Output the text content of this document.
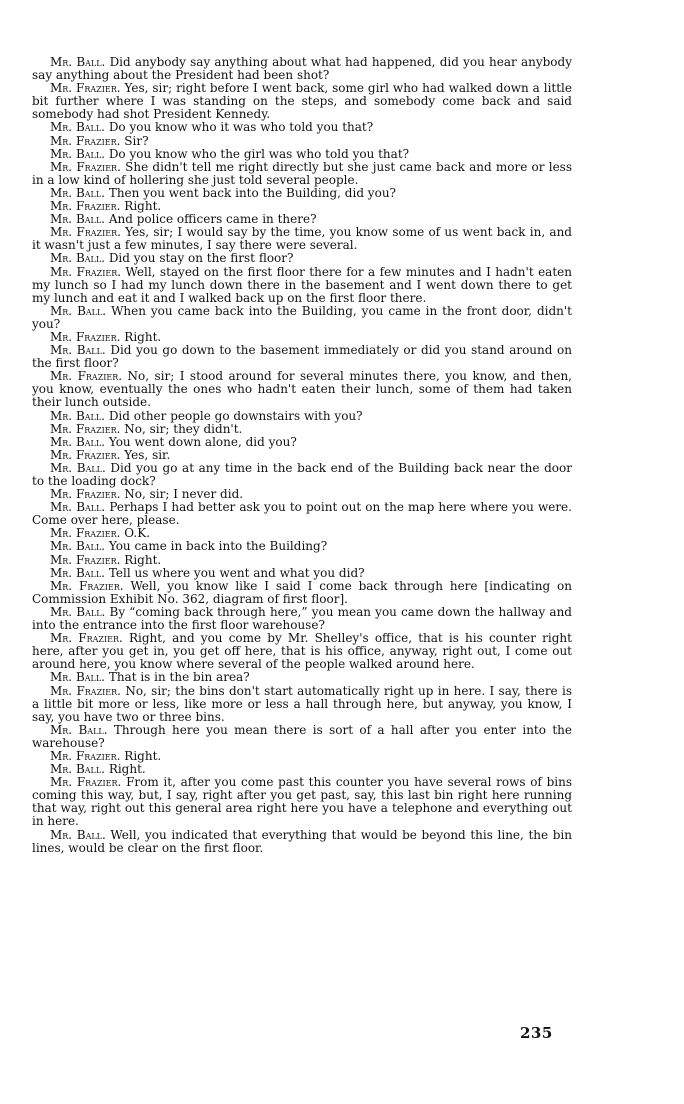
Mr. Ball. Did anybody say anything about what had happened, did you hear anybody say anything about the President had been shot?

Mr. Frazier. Yes, sir; right before I went back, some girl who had walked down a little bit further where I was standing on the steps, and somebody come back and said somebody had shot President Kennedy.

Mr. Ball. Do you know who it was who told you that?

Mr. Frazier. Sir?

Mr. Ball. Do you know who the girl was who told you that?

Mr. Frazier. She didn't tell me right directly but she just came back and more or less in a low kind of hollering she just told several people.

Mr. Ball. Then you went back into the Building, did you?

Mr. Frazier. Right.

Mr. Ball. And police officers came in there?

Mr. Frazier. Yes, sir; I would say by the time, you know some of us went back in, and it wasn't just a few minutes, I say there were several.

Mr. Ball. Did you stay on the first floor?

Mr. Frazier. Well, stayed on the first floor there for a few minutes and I hadn't eaten my lunch so I had my lunch down there in the basement and I went down there to get my lunch and eat it and I walked back up on the first floor there.

Mr. Ball. When you came back into the Building, you came in the front door, didn't you?

Mr. Frazier. Right.

Mr. Ball. Did you go down to the basement immediately or did you stand around on the first floor?

Mr. Frazier. No, sir; I stood around for several minutes there, you know, and then, you know, eventually the ones who hadn't eaten their lunch, some of them had taken their lunch outside.

Mr. Ball. Did other people go downstairs with you?

Mr. Frazier. No, sir; they didn't.

Mr. Ball. You went down alone, did you?

Mr. Frazier. Yes, sir.

Mr. Ball. Did you go at any time in the back end of the Building back near the door to the loading dock?

Mr. Frazier. No, sir; I never did.

Mr. Ball. Perhaps I had better ask you to point out on the map here where you were. Come over here, please.

Mr. Frazier. O.K.

Mr. Ball. You came in back into the Building?

Mr. Frazier. Right.

Mr. Ball. Tell us where you went and what you did?

Mr. Frazier. Well, you know like I said I come back through here [indicating on Commission Exhibit No. 362, diagram of first floor].

Mr. Ball. By “coming back through here,” you mean you came down the hallway and into the entrance into the first floor warehouse?

Mr. Frazier. Right, and you come by Mr. Shelley's office, that is his counter right here, after you get in, you get off here, that is his office, anyway, right out, I come out around here, you know where several of the people walked around here.

Mr. Ball. That is in the bin area?

Mr. Frazier. No, sir; the bins don't start automatically right up in here. I say, there is a little bit more or less, like more or less a hall through here, but anyway, you know, I say, you have two or three bins.

Mr. Ball. Through here you mean there is sort of a hall after you enter into the warehouse?

Mr. Frazier. Right.

Mr. Ball. Right.

Mr. Frazier. From it, after you come past this counter you have several rows of bins coming this way, but, I say, right after you get past, say, this last bin right here running that way, right out this general area right here you have a telephone and everything out in here.

Mr. Ball. Well, you indicated that everything that would be beyond this line, the bin lines, would be clear on the first floor.

235
